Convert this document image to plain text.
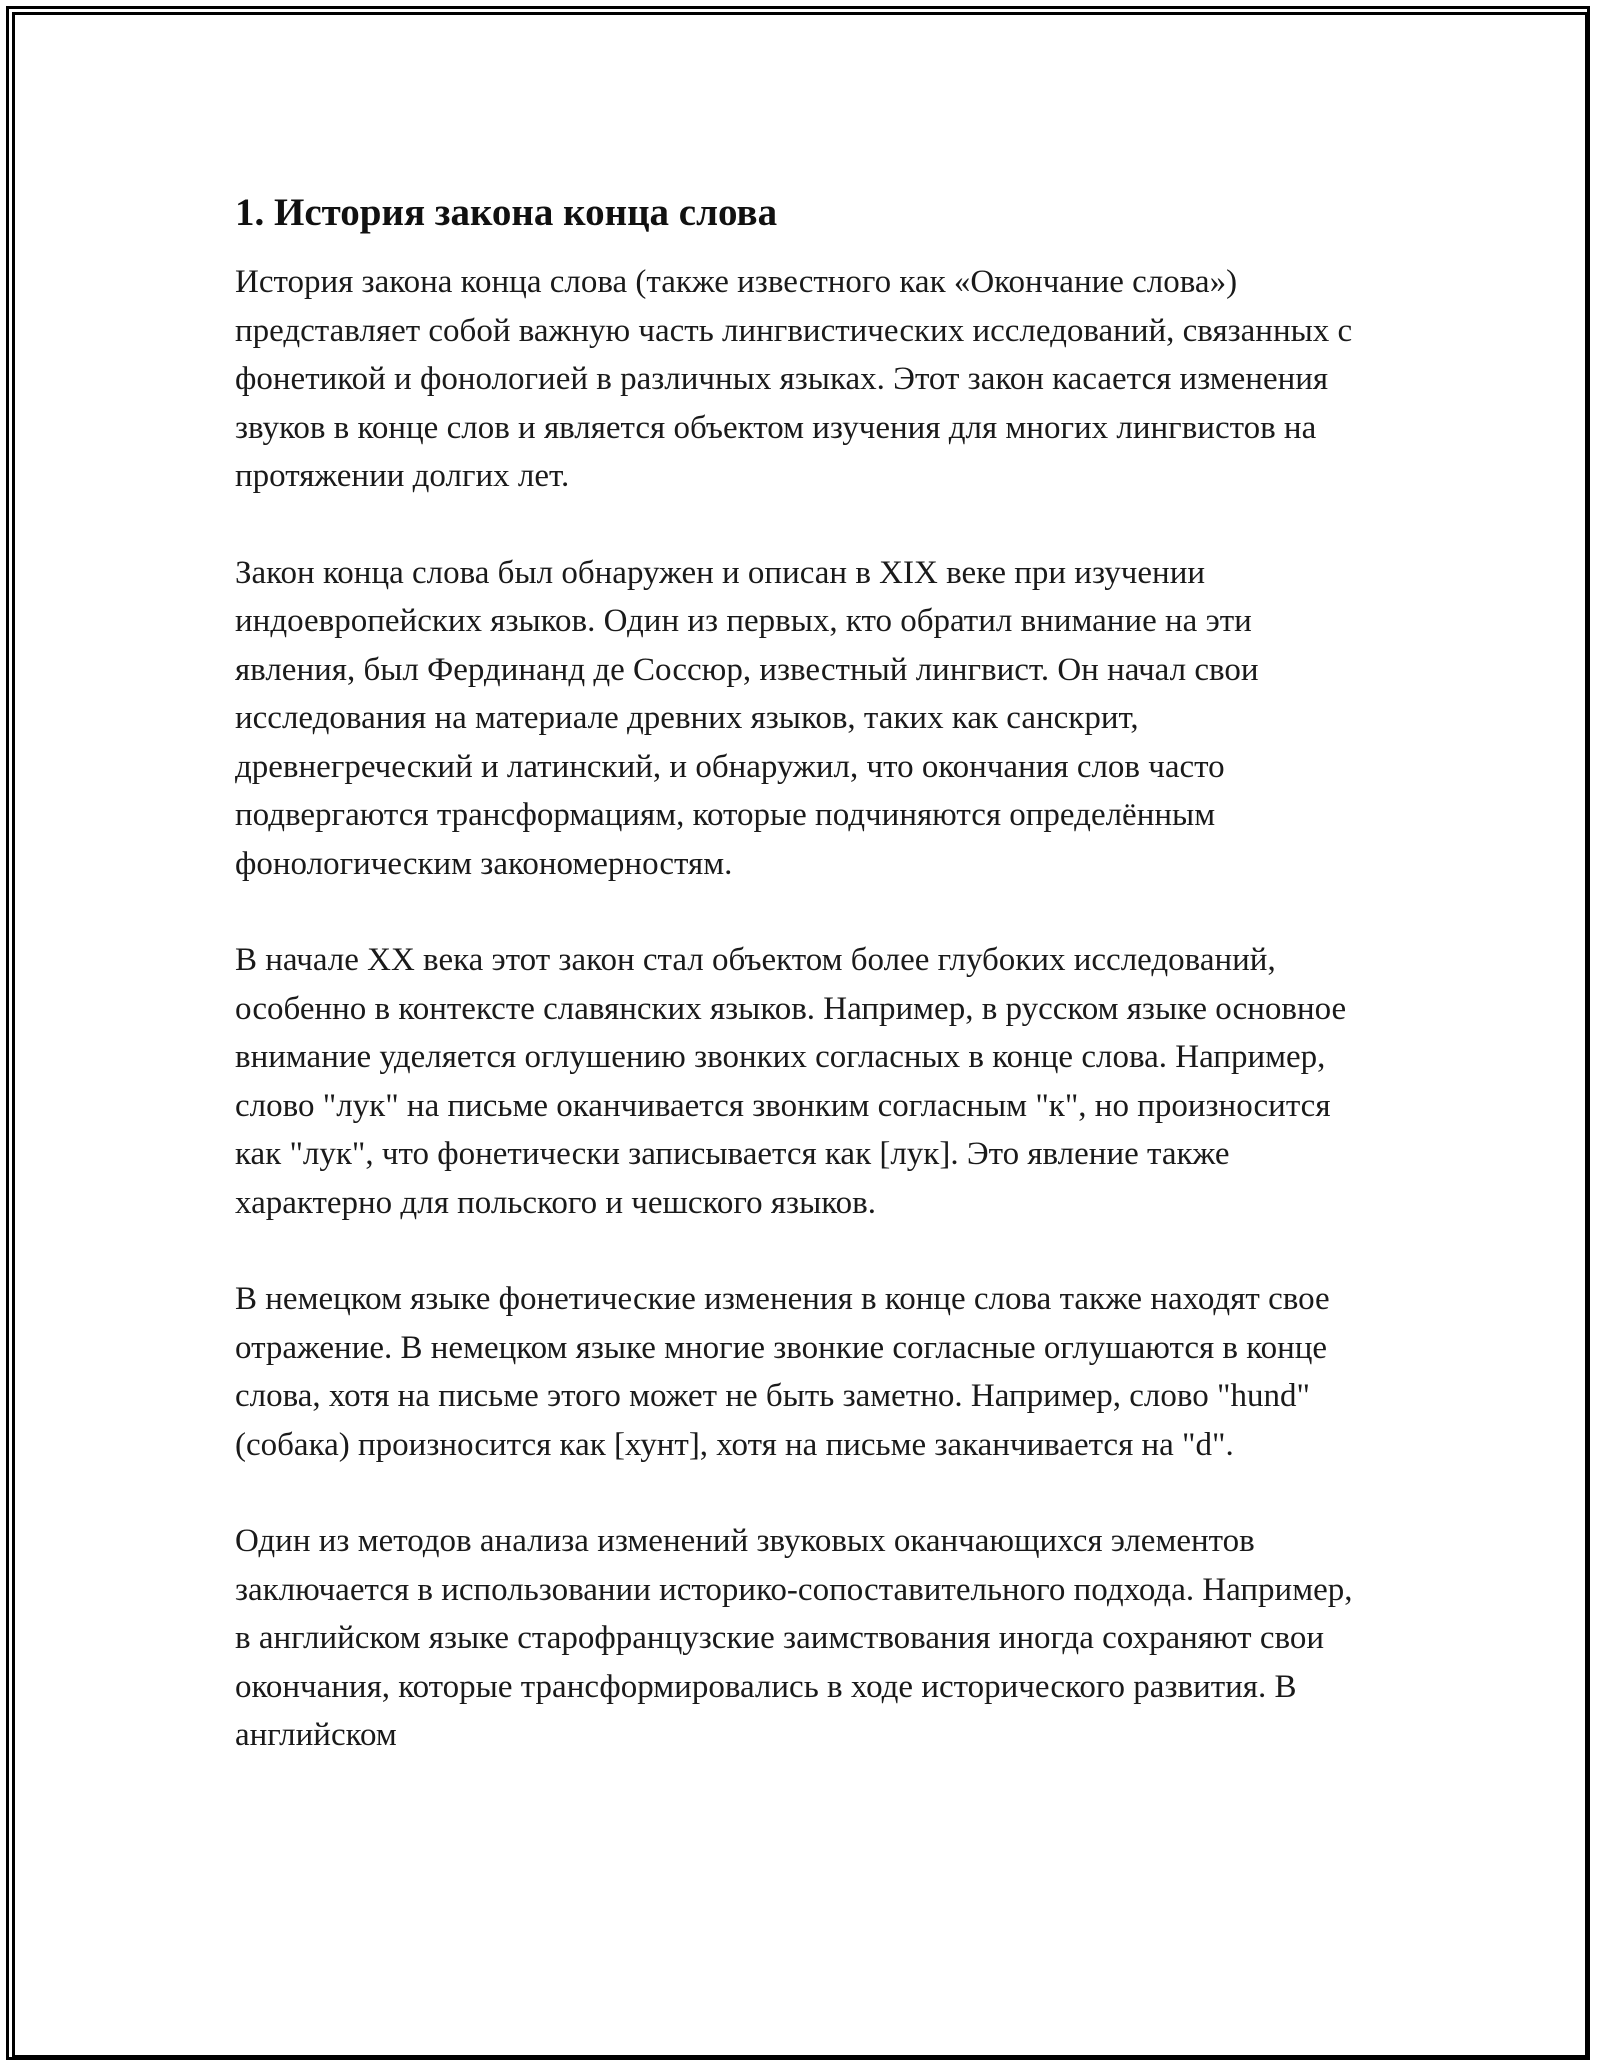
1. История закона конца слова

История закона конца слова (также известного как «Окончание слова») представляет собой важную часть лингвистических исследований, связанных с фонетикой и фонологией в различных языках. Этот закон касается изменения звуков в конце слов и является объектом изучения для многих лингвистов на протяжении долгих лет.

Закон конца слова был обнаружен и описан в XIX веке при изучении индоевропейских языков. Один из первых, кто обратил внимание на эти явления, был Фердинанд де Соссюр, известный лингвист. Он начал свои исследования на материале древних языков, таких как санскрит, древнегреческий и латинский, и обнаружил, что окончания слов часто подвергаются трансформациям, которые подчиняются определённым фонологическим закономерностям.

В начале XX века этот закон стал объектом более глубоких исследований, особенно в контексте славянских языков. Например, в русском языке основное внимание уделяется оглушению звонких согласных в конце слова. Например, слово "лук" на письме оканчивается звонким согласным "к", но произносится как "лук", что фонетически записывается как [лук]. Это явление также характерно для польского и чешского языков.

В немецком языке фонетические изменения в конце слова также находят свое отражение. В немецком языке многие звонкие согласные оглушаются в конце слова, хотя на письме этого может не быть заметно. Например, слово "hund" (собака) произносится как [хунт], хотя на письме заканчивается на "d".

Один из методов анализа изменений звуковых оканчающихся элементов заключается в использовании историко-сопоставительного подхода. Например, в английском языке старофранцузские заимствования иногда сохраняют свои окончания, которые трансформировались в ходе исторического развития. В английском
